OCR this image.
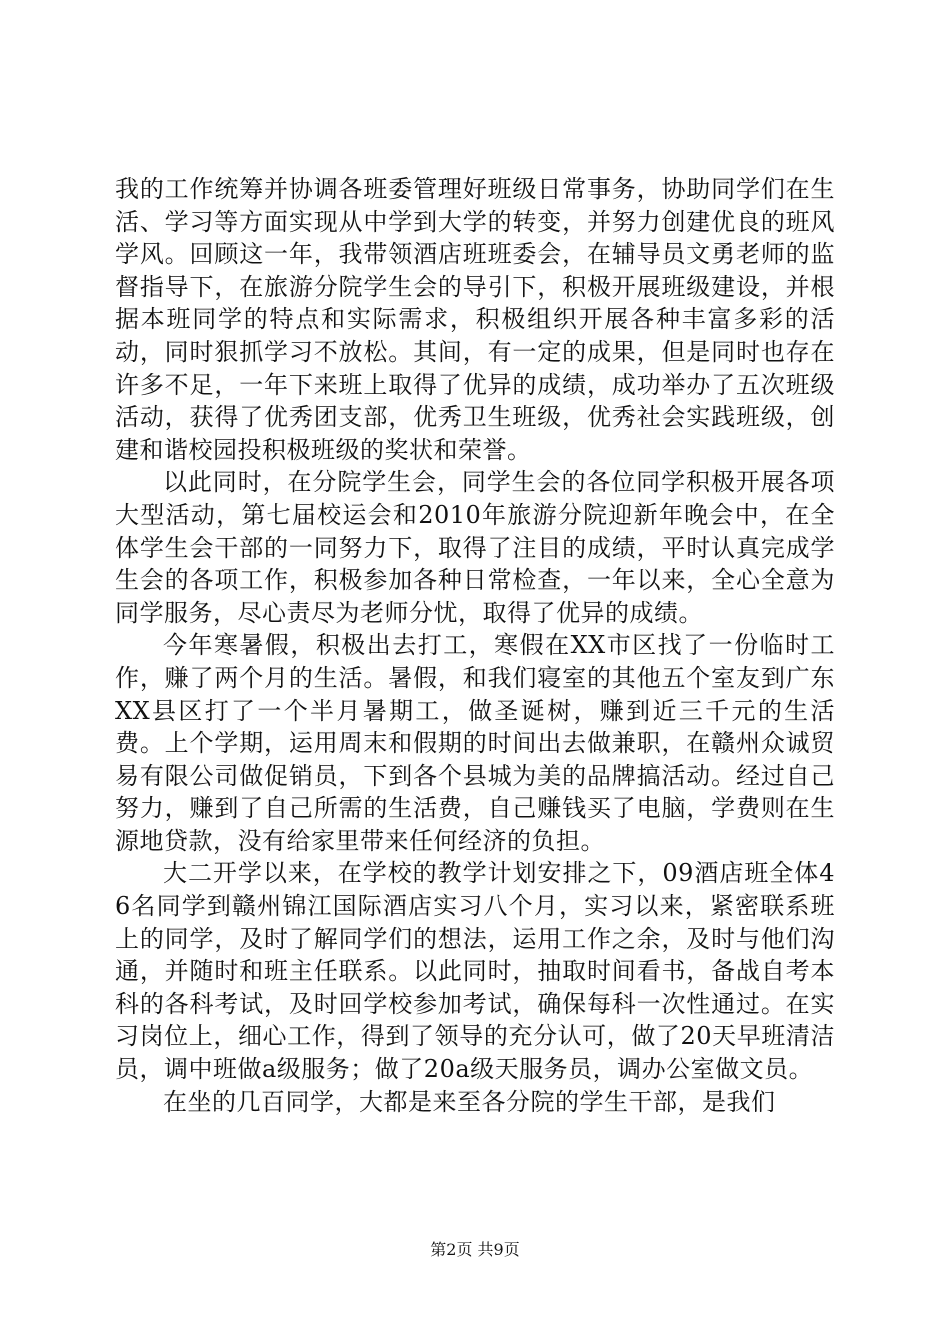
我的工作统筹并协调各班委管理好班级日常事务，协助同学们在生活、学习等方面实现从中学到大学的转变，并努力创建优良的班风学风。回顾这一年，我带领酒店班班委会，在辅导员文勇老师的监督指导下，在旅游分院学生会的导引下，积极开展班级建设，并根据本班同学的特点和实际需求，积极组织开展各种丰富多彩的活动，同时狠抓学习不放松。其间，有一定的成果，但是同时也存在许多不足，一年下来班上取得了优异的成绩，成功举办了五次班级活动，获得了优秀团支部，优秀卫生班级，优秀社会实践班级，创建和谐校园投积极班级的奖状和荣誉。

以此同时，在分院学生会，同学生会的各位同学积极开展各项大型活动，第七届校运会和2010年旅游分院迎新年晚会中，在全体学生会干部的一同努力下，取得了注目的成绩，平时认真完成学生会的各项工作，积极参加各种日常检查，一年以来，全心全意为同学服务，尽心责尽为老师分忧，取得了优异的成绩。

今年寒暑假，积极出去打工，寒假在XX市区找了一份临时工作，赚了两个月的生活。暑假，和我们寝室的其他五个室友到广东XX县区打了一个半月暑期工，做圣诞树，赚到近三千元的生活费。上个学期，运用周末和假期的时间出去做兼职，在赣州众诚贸易有限公司做促销员，下到各个县城为美的品牌搞活动。经过自己努力，赚到了自己所需的生活费，自己赚钱买了电脑，学费则在生源地贷款，没有给家里带来任何经济的负担。

大二开学以来，在学校的教学计划安排之下，09酒店班全体46名同学到赣州锦江国际酒店实习八个月，实习以来，紧密联系班上的同学，及时了解同学们的想法，运用工作之余，及时与他们沟通，并随时和班主任联系。以此同时，抽取时间看书，备战自考本科的各科考试，及时回学校参加考试，确保每科一次性通过。在实习岗位上，细心工作，得到了领导的充分认可，做了20天早班清洁员，调中班做a级服务；做了20a级天服务员，调办公室做文员。

在坐的几百同学，大都是来至各分院的学生干部，是我们

第2页 共9页
